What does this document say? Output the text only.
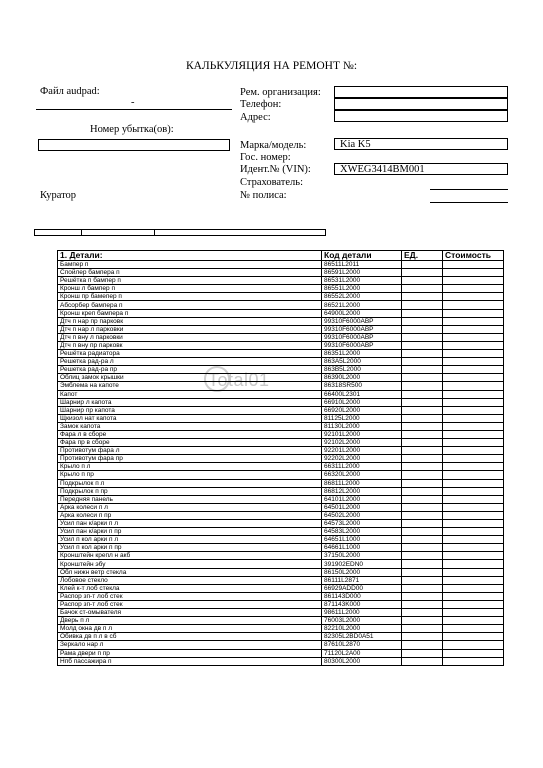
КАЛЬКУЛЯЦИЯ НА РЕМОНТ №:
Файл audpad:
-
Номер убытка(ов):
Куратор
Рем. организация:
Телефон:
Адрес:
Марка/модель:	Kia K5
Гос. номер:
Идент.№ (VIN):	XWEG3414BM001
Страхователь:
№ полиса:
Total01
1. Детали:	Код детали	ЕД.	Стоимость
Бампер п	86511L2011		
Спойлер бампера п	86591L2000		
Решётка п бампер п	86531L2000		
Кронш л бампер п	86551L2000		
Кронш пр бамепер п	86552L2000		
Абсорбер бампера п	86521L2000		
Кронш креп бампера п	64900L2000		
Дтч п нар пр парковк	99310F6000ABP		
Дтч п нар л парковки	99310F6000ABP		
Дтч п вну л парковки	99310F6000ABP		
Дтч п вну пр парковк	99310F6000ABP		
Решётка радиатора	86351L2000		
Решетка рад-ра л	863A5L2000		
Решетка рад-ра пр	863B5L2000		
Облиц замок крышки	86390L2000		
Эмблема на капоте	86318SR500		
Капот	66400L2301		
Шарнир л капота	66910L2000		
Шарнир пр капота	66920L2000		
Щкизол нат капота	81125L2000		
Замок капота	81130L2000		
Фара л в сборе	92101L2000		
Фара пр в сборе	92102L2000		
Противотум фара л	92201L2000		
Противотум фара пр	92202L2000		
Крыло п л	66311L2000		
Крыло п пр	66320L2000		
Подкрылок п л	86811L2000		
Подкрылок п пр	86812L2000		
Передняя панель	64101L2000		
Арка колеси п л	64501L2000		
Арка колеси п пр	64502L2000		
Усил пан к/арки п л	64573L2000		
Усил пан к/арки п пр	64583L2000		
Усил п кол арки п л	64651L1000		
Усил п кол арки п пр	64661L1000		
Кронштейн крепл н акб	37150L2000		
Кронштейн эбу	391902EDN0		
Обл нижн ветр стекла	86150L2000		
Лобовое стекло	86111L2871		
Клей к-т лоб стекла	66929ADD00		
Распор зп-т лоб стек	861143D000		
Распор зп-т лоб стек	871143K000		
Бачок ст-омывателя	98611L2000		
Дверь п л	76003L2000		
Молд окна дв п л	82210L2000		
Обивка дв п л в сб	82305L2BD0A51		
Зеркало нар л	87610L2870		
Рама двери п пр	71120L2A00		
Нпб пассажира п	80300L2000		
